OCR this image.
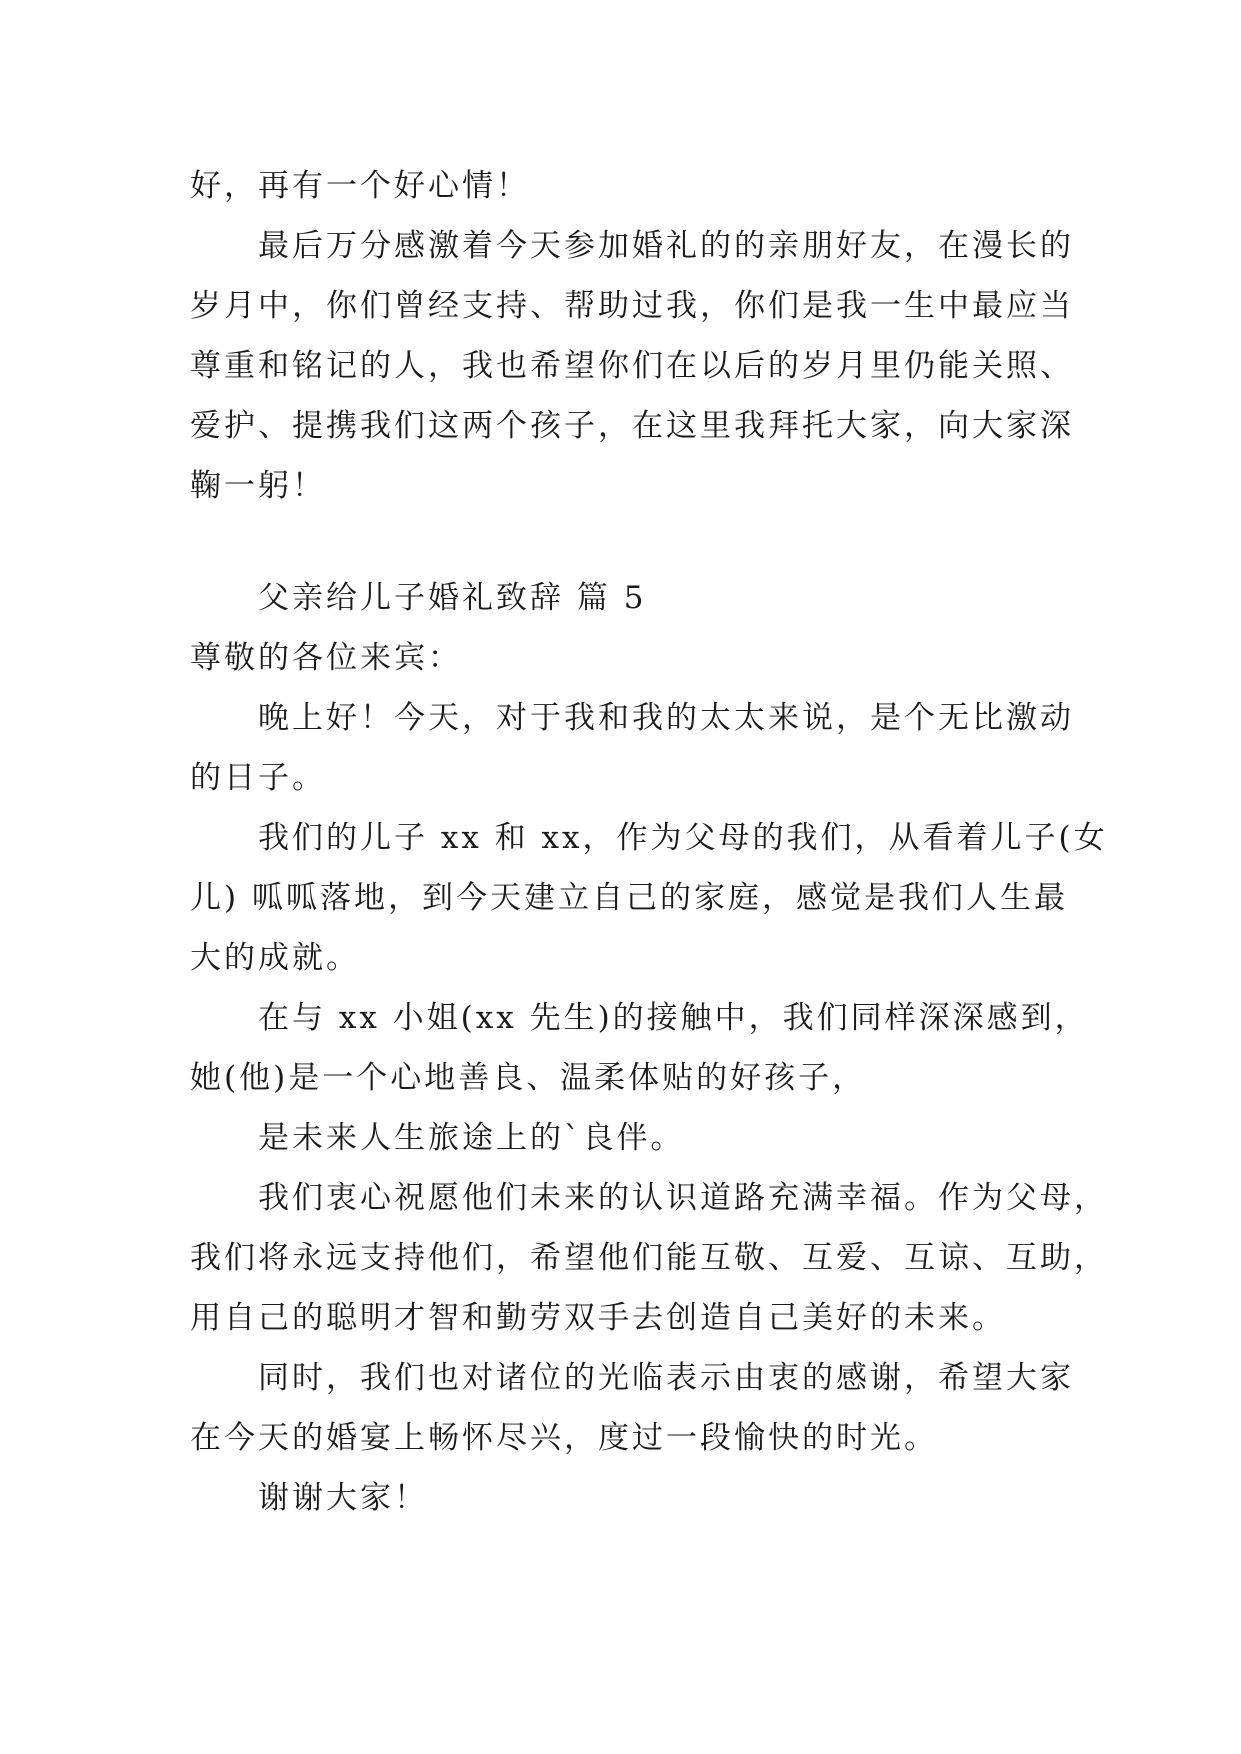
好，再有一个好心情！
最后万分感激着今天参加婚礼的的亲朋好友，在漫长的
岁月中，你们曾经支持、帮助过我，你们是我一生中最应当
尊重和铭记的人，我也希望你们在以后的岁月里仍能关照、
爱护、提携我们这两个孩子，在这里我拜托大家，向大家深
鞠一躬！
父亲给儿子婚礼致辞 篇 5
尊敬的各位来宾：
晚上好！今天，对于我和我的太太来说，是个无比激动
的日子。
我们的儿子 xx 和 xx，作为父母的我们，从看着儿子(女
儿) 呱呱落地，到今天建立自己的家庭，感觉是我们人生最
大的成就。
在与 xx 小姐(xx 先生)的接触中，我们同样深深感到，
她(他)是一个心地善良、温柔体贴的好孩子，
是未来人生旅途上的`良伴。
我们衷心祝愿他们未来的认识道路充满幸福。作为父母，
我们将永远支持他们，希望他们能互敬、互爱、互谅、互助，
用自己的聪明才智和勤劳双手去创造自己美好的未来。
同时，我们也对诸位的光临表示由衷的感谢，希望大家
在今天的婚宴上畅怀尽兴，度过一段愉快的时光。
谢谢大家！
